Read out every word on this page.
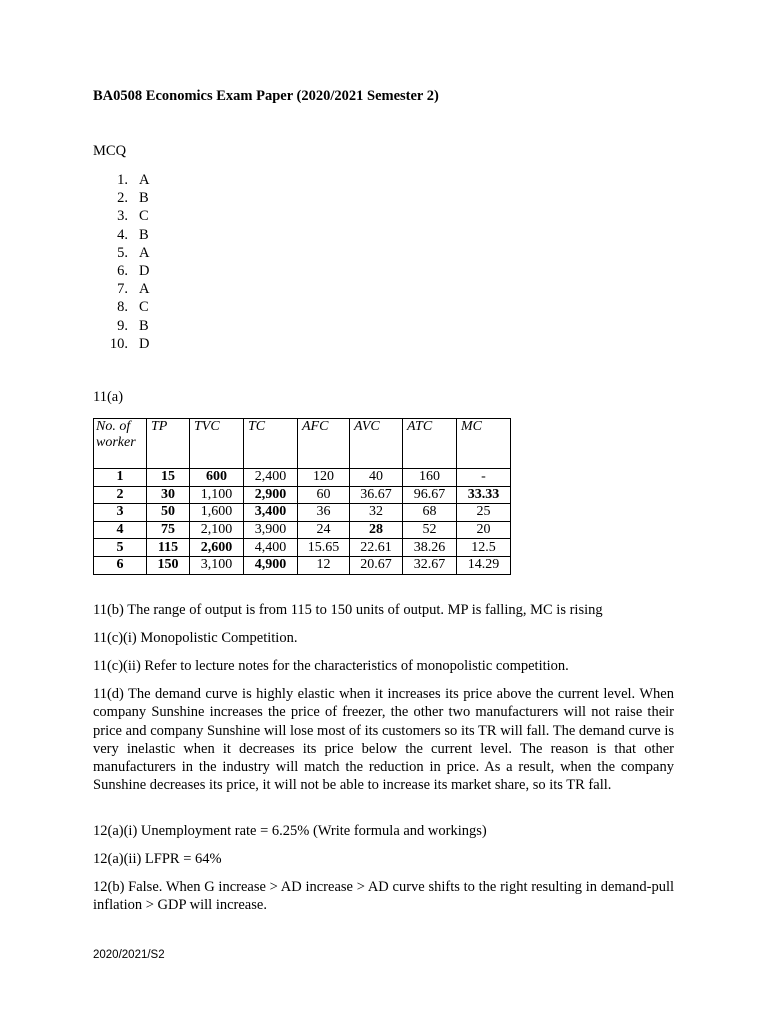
BA0508 Economics Exam Paper (2020/2021 Semester 2)
MCQ
1. A
2. B
3. C
4. B
5. A
6. D
7. A
8. C
9. B
10. D
11(a)
No. of worker	TP	TVC	TC	AFC	AVC	ATC	MC
1	15	600	2,400	120	40	160	-
2	30	1,100	2,900	60	36.67	96.67	33.33
3	50	1,600	3,400	36	32	68	25
4	75	2,100	3,900	24	28	52	20
5	115	2,600	4,400	15.65	22.61	38.26	12.5
6	150	3,100	4,900	12	20.67	32.67	14.29
11(b) The range of output is from 115 to 150 units of output. MP is falling, MC is rising
11(c)(i) Monopolistic Competition.
11(c)(ii) Refer to lecture notes for the characteristics of monopolistic competition.
11(d) The demand curve is highly elastic when it increases its price above the current level. When company Sunshine increases the price of freezer, the other two manufacturers will not raise their price and company Sunshine will lose most of its customers so its TR will fall. The demand curve is very inelastic when it decreases its price below the current level. The reason is that other manufacturers in the industry will match the reduction in price. As a result, when the company Sunshine decreases its price, it will not be able to increase its market share, so its TR fall.
12(a)(i) Unemployment rate = 6.25% (Write formula and workings)
12(a)(ii) LFPR = 64%
12(b) False. When G increase > AD increase > AD curve shifts to the right resulting in demand-pull inflation > GDP will increase.
2020/2021/S2
